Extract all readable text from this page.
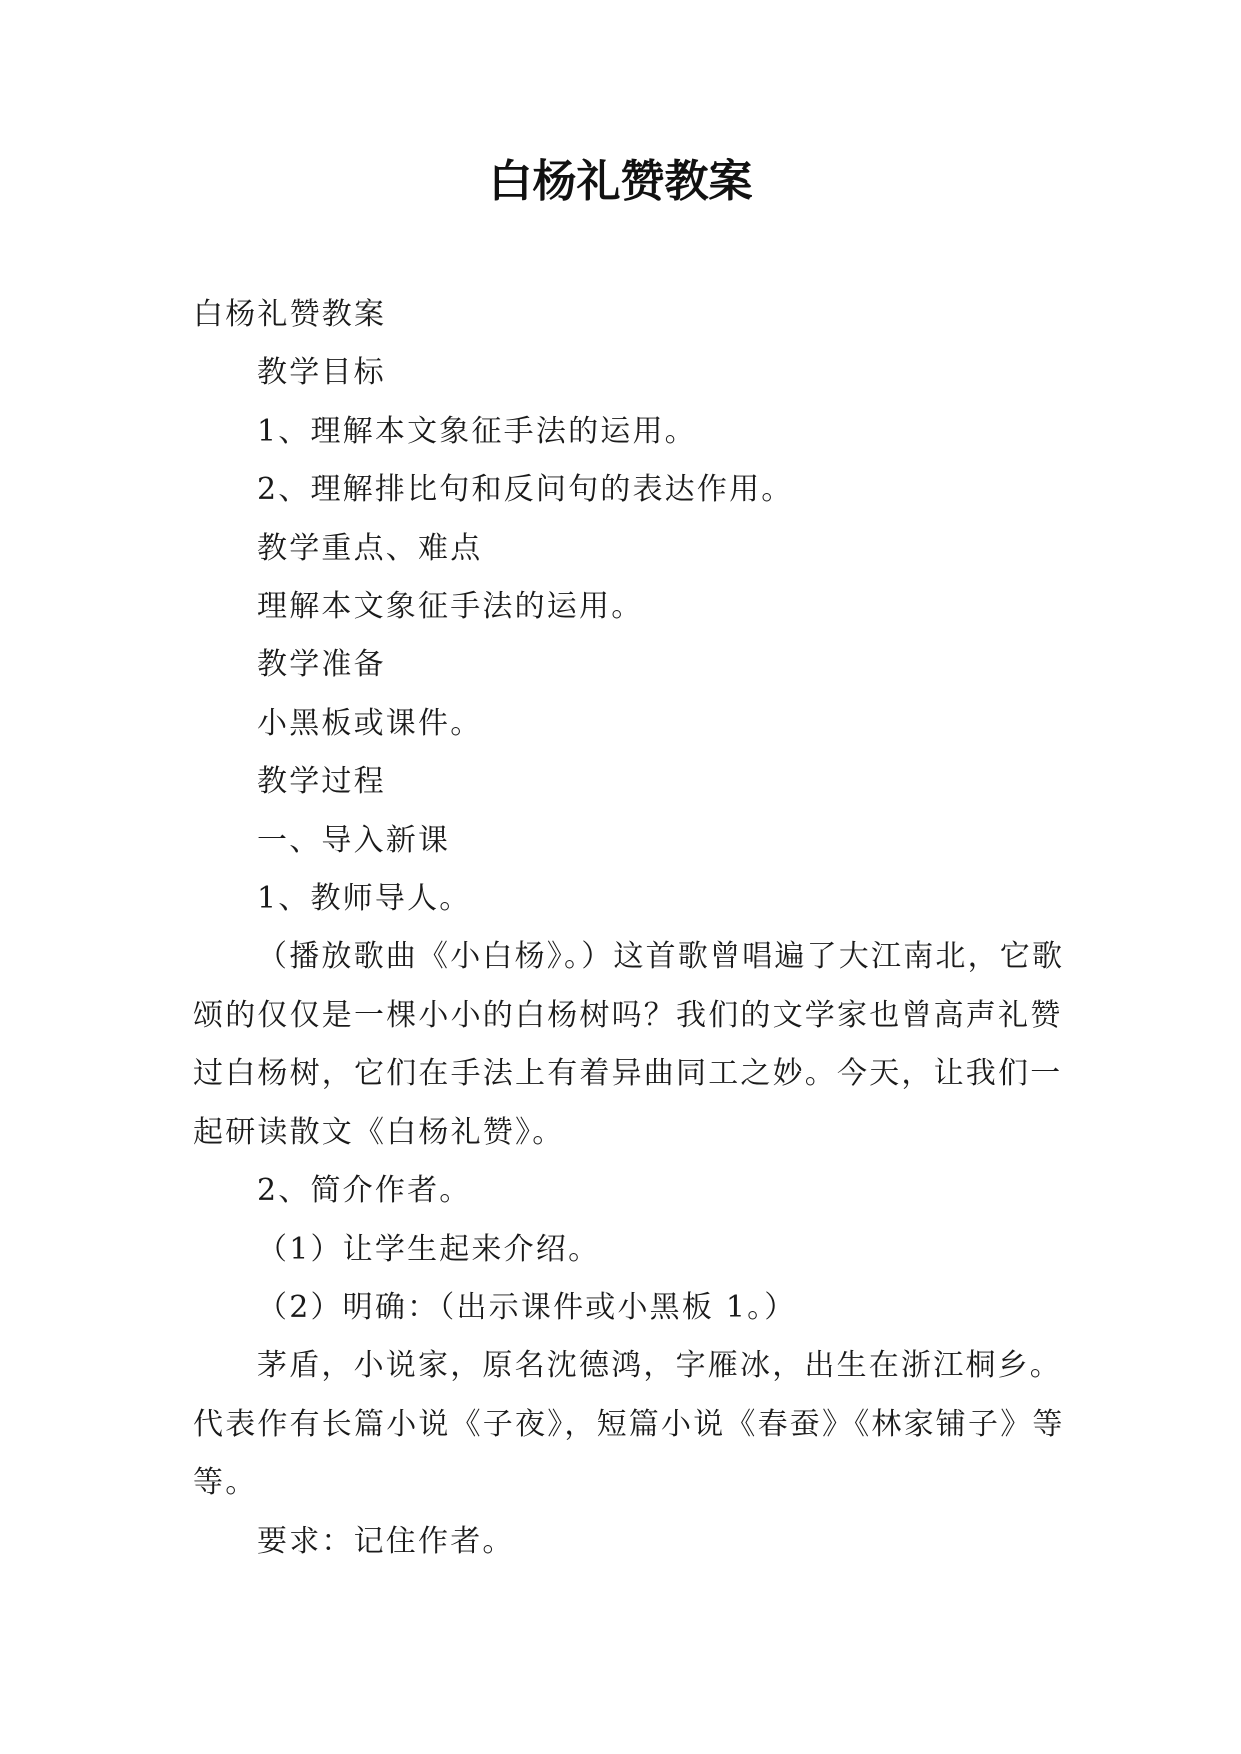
白杨礼赞教案

白杨礼赞教案

教学目标

1、理解本文象征手法的运用。

2、理解排比句和反问句的表达作用。

教学重点、难点

理解本文象征手法的运用。

教学准备

小黑板或课件。

教学过程

一、导入新课

1、教师导人。

（播放歌曲《小白杨》。）这首歌曾唱遍了大江南北，它歌颂的仅仅是一棵小小的白杨树吗？我们的文学家也曾高声礼赞过白杨树，它们在手法上有着异曲同工之妙。今天，让我们一起研读散文《白杨礼赞》。

2、简介作者。

（1）让学生起来介绍。

（2）明确：（出示课件或小黑板 1。）

茅盾，小说家，原名沈德鸿，字雁冰，出生在浙江桐乡。代表作有长篇小说《子夜》，短篇小说《春蚕》《林家铺子》等等。

要求：记住作者。
